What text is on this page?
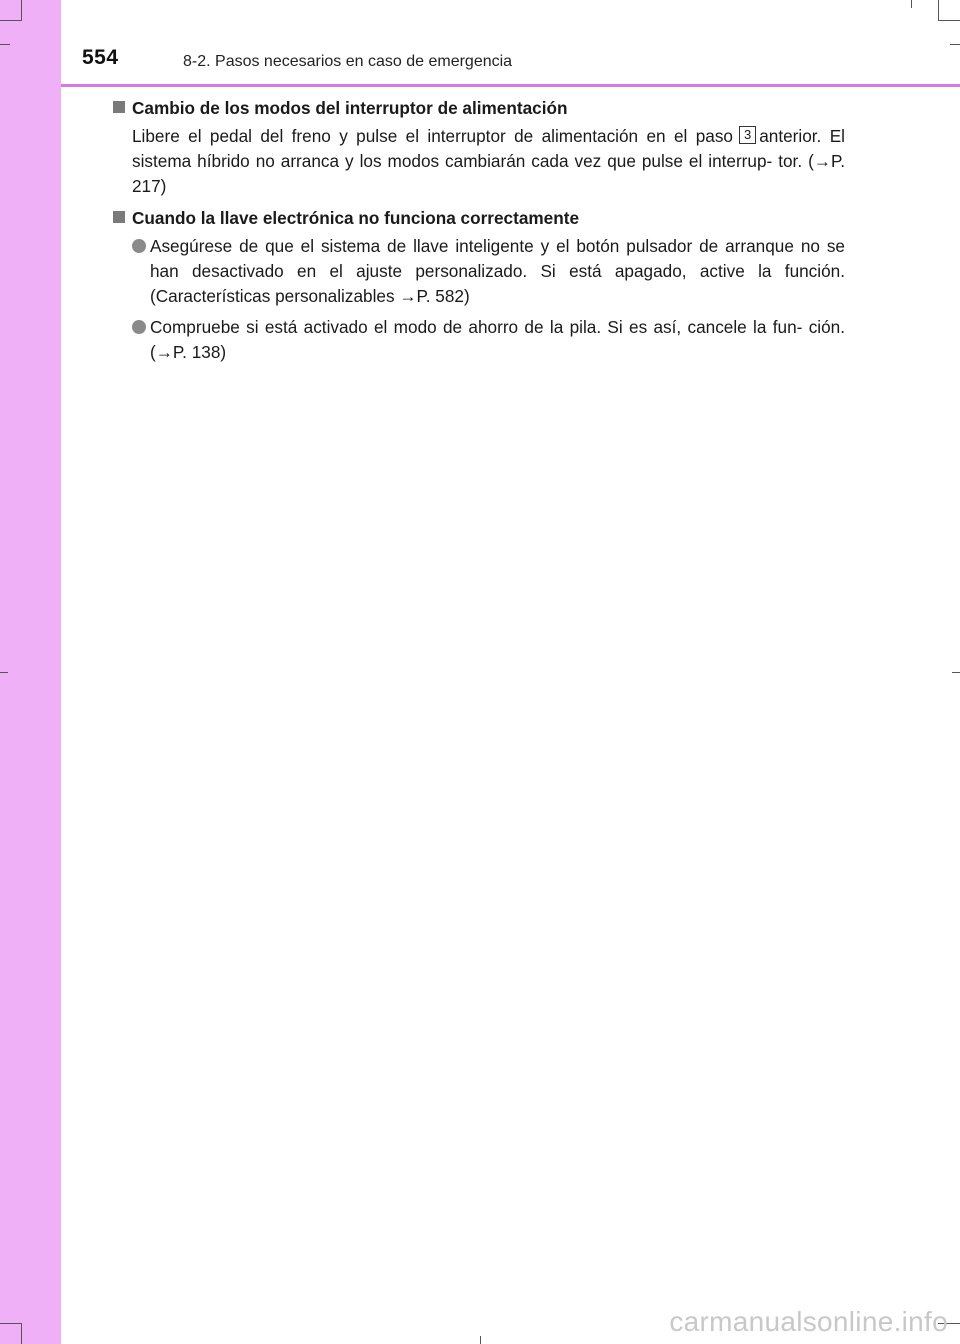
554	8-2. Pasos necesarios en caso de emergencia
Cambio de los modos del interruptor de alimentación
Libere el pedal del freno y pulse el interruptor de alimentación en el paso 3 anterior. El sistema híbrido no arranca y los modos cambiarán cada vez que pulse el interrup- tor. (→P. 217)
Cuando la llave electrónica no funciona correctamente
Asegúrese de que el sistema de llave inteligente y el botón pulsador de arranque no se han desactivado en el ajuste personalizado. Si está apagado, active la función. (Características personalizables →P. 582)
Compruebe si está activado el modo de ahorro de la pila. Si es así, cancele la fun- ción. (→P. 138)
carmanualsonline.info
